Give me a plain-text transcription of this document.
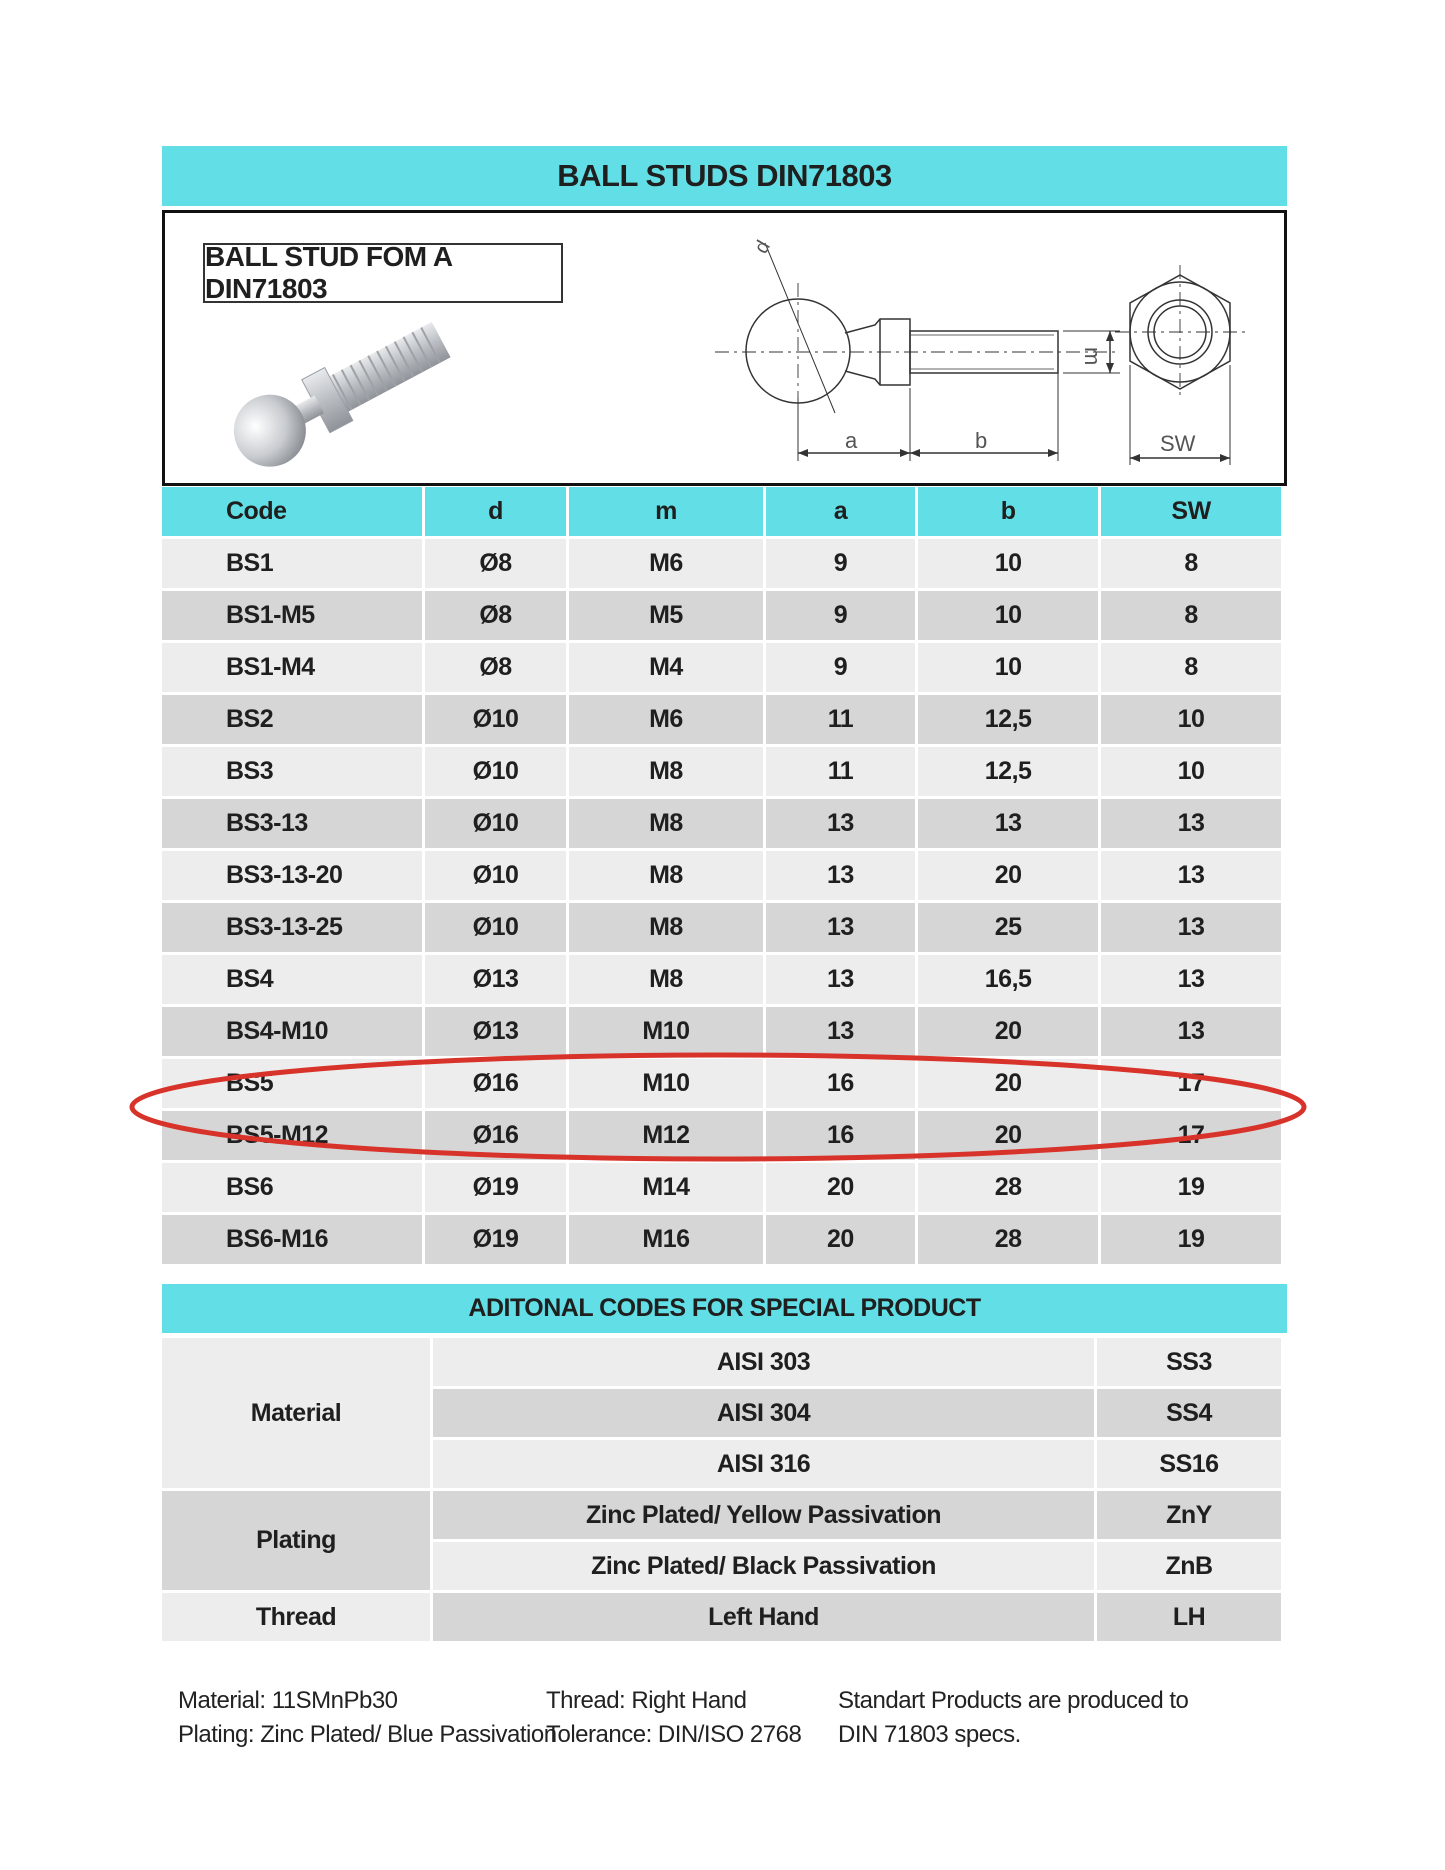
BALL STUDS DIN71803
BALL STUD FOM A DIN71803
d
a	b
m
SW
Code	d	m	a	b	SW
BS1	Ø8	M6	9	10	8
BS1-M5	Ø8	M5	9	10	8
BS1-M4	Ø8	M4	9	10	8
BS2	Ø10	M6	11	12,5	10
BS3	Ø10	M8	11	12,5	10
BS3-13	Ø10	M8	13	13	13
BS3-13-20	Ø10	M8	13	20	13
BS3-13-25	Ø10	M8	13	25	13
BS4	Ø13	M8	13	16,5	13
BS4-M10	Ø13	M10	13	20	13
BS5	Ø16	M10	16	20	17
BS5-M12	Ø16	M12	16	20	17
BS6	Ø19	M14	20	28	19
BS6-M16	Ø19	M16	20	28	19
ADITONAL CODES FOR SPECIAL PRODUCT
Material	AISI 303	SS3
	AISI 304	SS4
	AISI 316	SS16
Plating	Zinc Plated/ Yellow Passivation	ZnY
	Zinc Plated/ Black Passivation	ZnB
Thread	Left Hand	LH
Material: 11SMnPb30
Plating: Zinc Plated/ Blue Passivation
Thread: Right Hand
Tolerance: DIN/ISO 2768
Standart Products are produced to
DIN 71803 specs.
